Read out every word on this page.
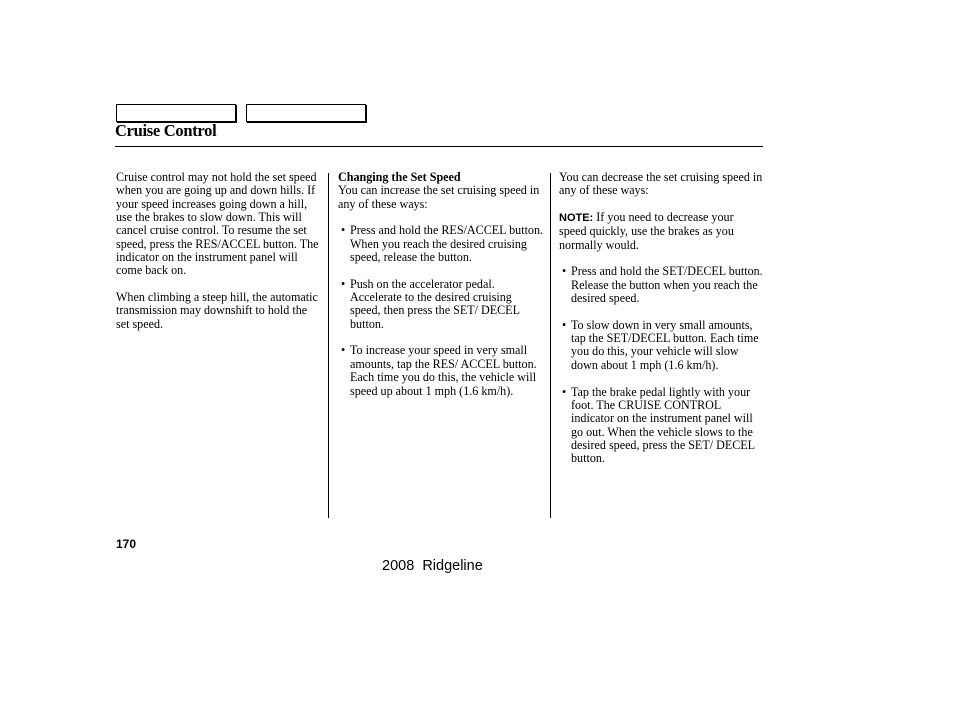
Cruise Control

Cruise control may not hold the set speed when you are going up and down hills. If your speed increases going down a hill, use the brakes to slow down. This will cancel cruise control. To resume the set speed, press the RES/ACCEL button. The indicator on the instrument panel will come back on.

When climbing a steep hill, the automatic transmission may downshift to hold the set speed.

Changing the Set Speed

You can increase the set cruising speed in any of these ways:

• Press and hold the RES/ACCEL button. When you reach the desired cruising speed, release the button.
• Push on the accelerator pedal. Accelerate to the desired cruising speed, then press the SET/ DECEL button.
• To increase your speed in very small amounts, tap the RES/ ACCEL button. Each time you do this, the vehicle will speed up about 1 mph (1.6 km/h).

You can decrease the set cruising speed in any of these ways:

NOTE: If you need to decrease your speed quickly, use the brakes as you normally would.

• Press and hold the SET/DECEL button. Release the button when you reach the desired speed.
• To slow down in very small amounts, tap the SET/DECEL button. Each time you do this, your vehicle will slow down about 1 mph (1.6 km/h).
• Tap the brake pedal lightly with your foot. The CRUISE CONTROL indicator on the instrument panel will go out. When the vehicle slows to the desired speed, press the SET/ DECEL button.
170
2008  Ridgeline
